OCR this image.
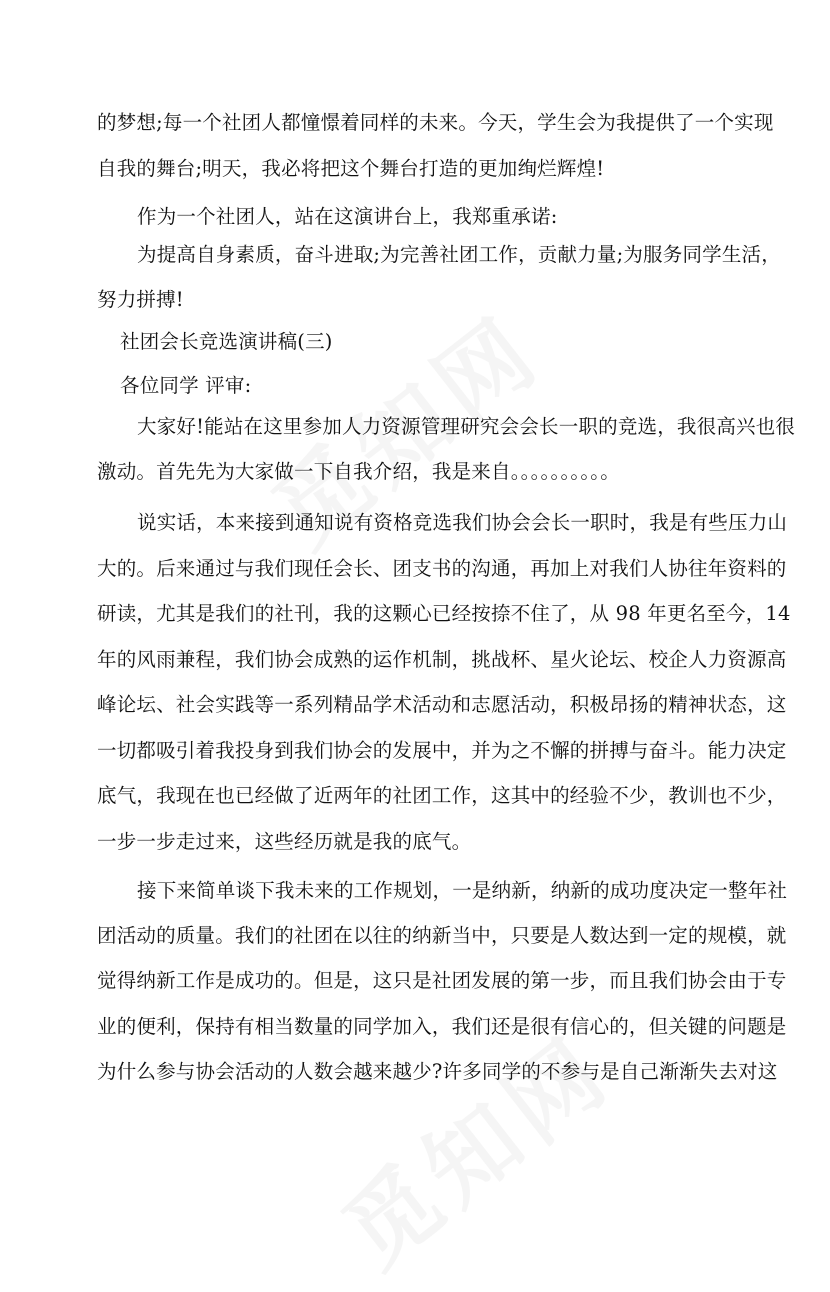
的梦想;每一个社团人都憧憬着同样的未来。今天，学生会为我提供了一个实现
自我的舞台;明天，我必将把这个舞台打造的更加绚烂辉煌!
作为一个社团人，站在这演讲台上，我郑重承诺:
为提高自身素质，奋斗进取;为完善社团工作，贡献力量;为服务同学生活，
努力拼搏!
社团会长竞选演讲稿(三)
各位同学 评审:
大家好!能站在这里参加人力资源管理研究会会长一职的竞选，我很高兴也很
激动。首先先为大家做一下自我介绍，我是来自。。。。。。。。。。
说实话，本来接到通知说有资格竞选我们协会会长一职时，我是有些压力山
大的。后来通过与我们现任会长、团支书的沟通，再加上对我们人协往年资料的
研读，尤其是我们的社刊，我的这颗心已经按捺不住了，从 98 年更名至今，14
年的风雨兼程，我们协会成熟的运作机制，挑战杯、星火论坛、校企人力资源高
峰论坛、社会实践等一系列精品学术活动和志愿活动，积极昂扬的精神状态，这
一切都吸引着我投身到我们协会的发展中，并为之不懈的拼搏与奋斗。能力决定
底气，我现在也已经做了近两年的社团工作，这其中的经验不少，教训也不少，
一步一步走过来，这些经历就是我的底气。
接下来简单谈下我未来的工作规划，一是纳新，纳新的成功度决定一整年社
团活动的质量。我们的社团在以往的纳新当中，只要是人数达到一定的规模，就
觉得纳新工作是成功的。但是，这只是社团发展的第一步，而且我们协会由于专
业的便利，保持有相当数量的同学加入，我们还是很有信心的，但关键的问题是
为什么参与协会活动的人数会越来越少?许多同学的不参与是自己渐渐失去对这
